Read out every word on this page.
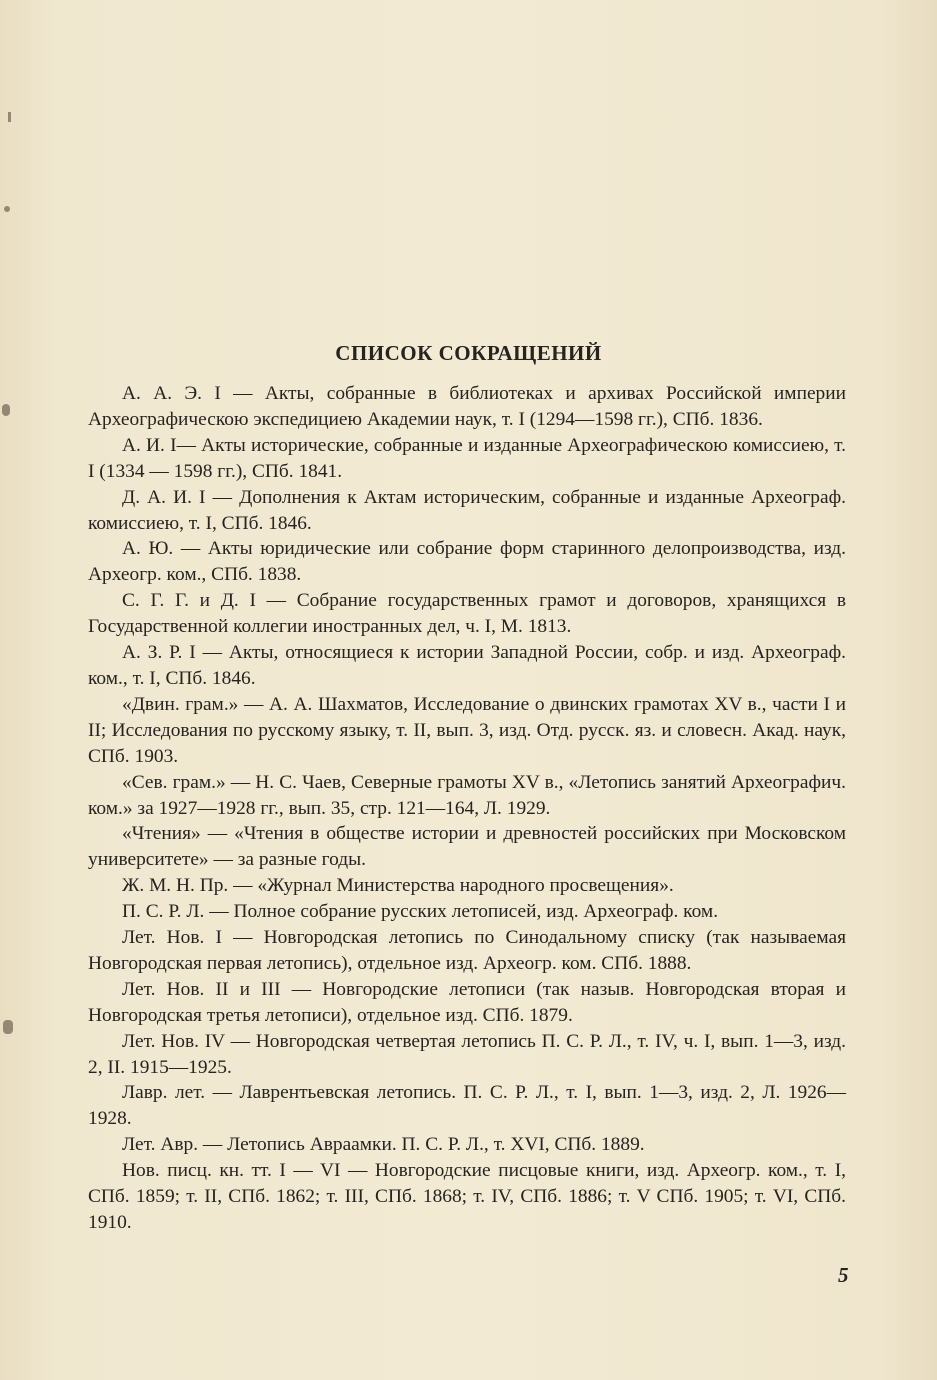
СПИСОК СОКРАЩЕНИЙ

А. А. Э. I — Акты, собранные в библиотеках и архивах Российской империи Археографическою экспедициею Академии наук, т. I (1294—1598 гг.), СПб. 1836.

А. И. I— Акты исторические, собранные и изданные Археографическою комиссиею, т. I (1334 — 1598 гг.), СПб. 1841.

Д. А. И. I — Дополнения к Актам историческим, собранные и изданные Археограф. комиссиею, т. I, СПб. 1846.

А. Ю. — Акты юридические или собрание форм старинного делопроизводства, изд. Археогр. ком., СПб. 1838.

С. Г. Г. и Д. I — Собрание государственных грамот и договоров, хранящихся в Государственной коллегии иностранных дел, ч. I, М. 1813.

А. З. Р. I — Акты, относящиеся к истории Западной России, собр. и изд. Археограф. ком., т. I, СПб. 1846.

«Двин. грам.» — А. А. Шахматов, Исследование о двинских грамотах XV в., части I и II; Исследования по русскому языку, т. II, вып. 3, изд. Отд. русск. яз. и словесн. Акад. наук, СПб. 1903.

«Сев. грам.» — Н. С. Чаев, Северные грамоты XV в., «Летопись занятий Археографич. ком.» за 1927—1928 гг., вып. 35, стр. 121—164, Л. 1929.

«Чтения» — «Чтения в обществе истории и древностей российских при Московском университете» — за разные годы.

Ж. М. Н. Пр. — «Журнал Министерства народного просвещения».

П. С. Р. Л. — Полное собрание русских летописей, изд. Археограф. ком.

Лет. Нов. I — Новгородская летопись по Синодальному списку (так называемая Новгородская первая летопись), отдельное изд. Археогр. ком. СПб. 1888.

Лет. Нов. II и III — Новгородские летописи (так назыв. Новгородская вторая и Новгородская третья летописи), отдельное изд. СПб. 1879.

Лет. Нов. IV — Новгородская четвертая летопись П. С. Р. Л., т. IV, ч. I, вып. 1—3, изд. 2, II. 1915—1925.

Лавр. лет. — Лаврентьевская летопись. П. С. Р. Л., т. I, вып. 1—3, изд. 2, Л. 1926—1928.

Лет. Авр. — Летопись Авраамки. П. С. Р. Л., т. XVI, СПб. 1889.

Нов. писц. кн. тт. I — VI — Новгородские писцовые книги, изд. Археогр. ком., т. I, СПб. 1859; т. II, СПб. 1862; т. III, СПб. 1868; т. IV, СПб. 1886; т. V СПб. 1905; т. VI, СПб. 1910.

5
